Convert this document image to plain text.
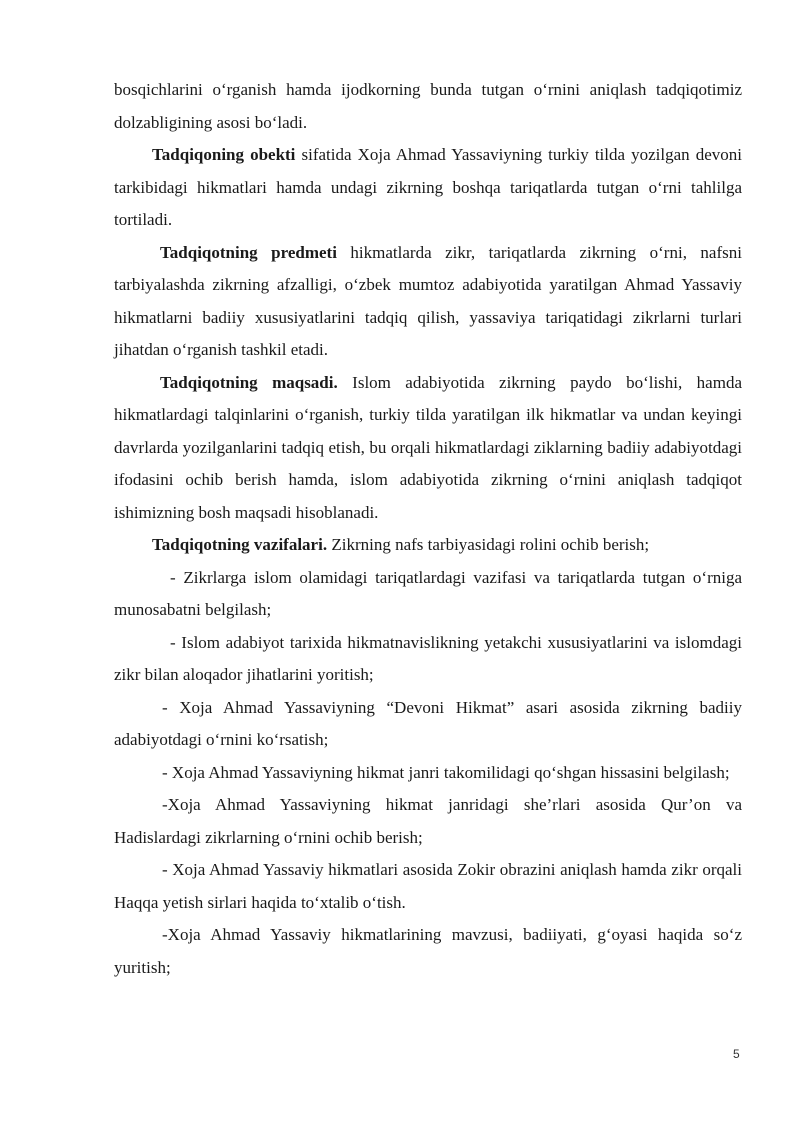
bosqichlarini o‘rganish hamda ijodkorning bunda tutgan o‘rnini aniqlash tadqiqotimiz dolzabligining asosi bo‘ladi.

Tadqiqoning obekti sifatida Xoja Ahmad Yassaviyning turkiy tilda yozilgan devoni tarkibidagi hikmatlari hamda undagi zikrning boshqa tariqatlarda tutgan o‘rni tahlilga tortiladi.

Tadqiqotning predmeti hikmatlarda zikr, tariqatlarda zikrning o‘rni, nafsni tarbiyalashda zikrning afzalligi, o‘zbek mumtoz adabiyotida yaratilgan Ahmad Yassaviy hikmatlarni badiiy xususiyatlarini tadqiq qilish, yassaviya tariqatidagi zikrlarni turlari jihatdan o‘rganish tashkil etadi.

Tadqiqotning maqsadi. Islom adabiyotida zikrning paydo bo‘lishi, hamda hikmatlardagi talqinlarini o‘rganish, turkiy tilda yaratilgan ilk hikmatlar va undan keyingi davrlarda yozilganlarini tadqiq etish, bu orqali hikmatlardagi ziklarning badiiy adabiyotdagi ifodasini ochib berish hamda, islom adabiyotida zikrning o‘rnini aniqlash tadqiqot ishimizning bosh maqsadi hisoblanadi.

Tadqiqotning vazifalari. Zikrning nafs tarbiyasidagi rolini ochib berish;

- Zikrlarga islom olamidagi tariqatlardagi vazifasi va tariqatlarda tutgan o‘rniga munosabatni belgilash;

- Islom adabiyot tarixida hikmatnavislikning yetakchi xususiyatlarini va islomdagi zikr bilan aloqador jihatlarini yoritish;

- Xoja Ahmad Yassaviyning “Devoni Hikmat” asari asosida zikrning badiiy adabiyotdagi o‘rnini ko‘rsatish;

- Xoja Ahmad Yassaviyning hikmat janri takomilidagi qo‘shgan hissasini belgilash;

-Xoja Ahmad Yassaviyning hikmat janridagi she’rlari asosida Qur’on va Hadislardagi zikrlarning o‘rnini ochib berish;

- Xoja Ahmad Yassaviy hikmatlari asosida Zokir obrazini aniqlash hamda zikr orqali Haqqa yetish sirlari haqida to‘xtalib o‘tish.

-Xoja Ahmad Yassaviy hikmatlarining mavzusi, badiiyati, g‘oyasi haqida so‘z yuritish;

5
